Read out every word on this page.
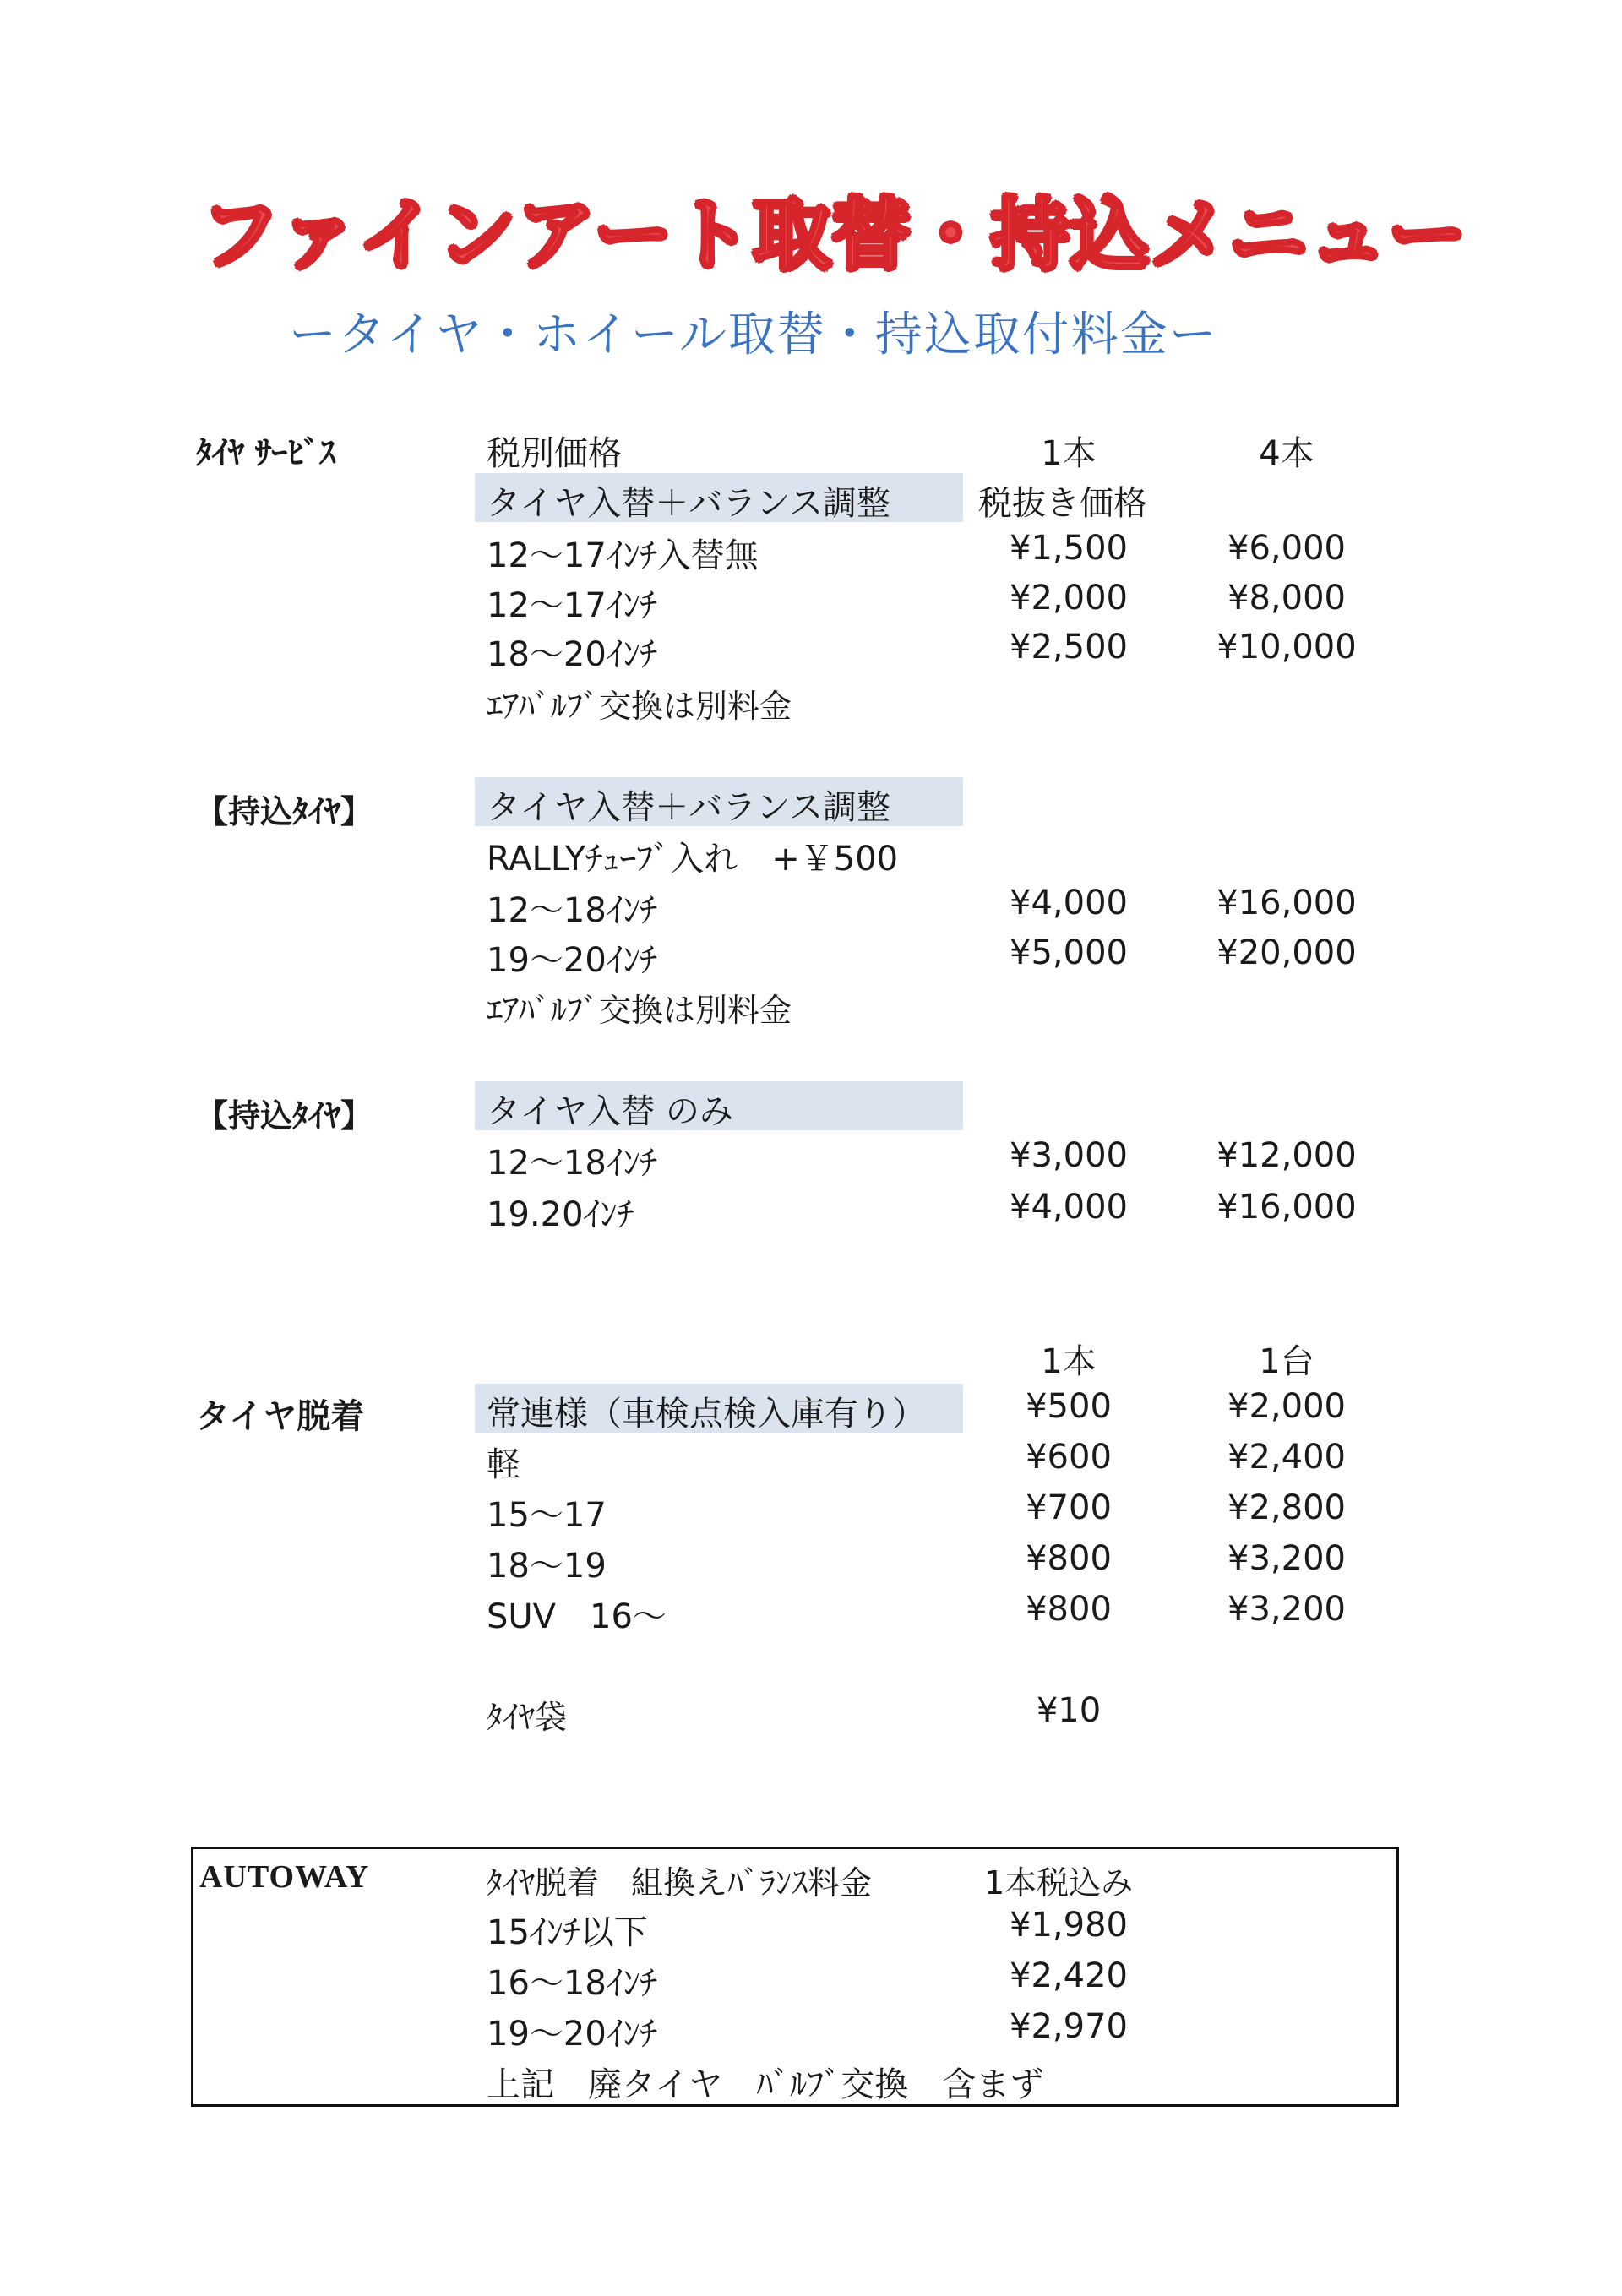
ファインアート取替・持込メニュー
ータイヤ・ホイール取替・持込取付料金ー
ﾀｲﾔ ｻｰﾋﾞｽ	税別価格	1本	4本
タイヤ入替＋バランス調整	税抜き価格
12～17ｲﾝﾁ入替無	¥1,500	¥6,000
12～17ｲﾝﾁ	¥2,000	¥8,000
18～20ｲﾝﾁ	¥2,500	¥10,000
ｴｱﾊﾞﾙﾌﾞ交換は別料金
【持込ﾀｲﾔ】	タイヤ入替＋バランス調整
RALLYﾁｭｰﾌﾞ入れ　+￥500
12～18ｲﾝﾁ	¥4,000	¥16,000
19～20ｲﾝﾁ	¥5,000	¥20,000
ｴｱﾊﾞﾙﾌﾞ交換は別料金
【持込ﾀｲﾔ】	タイヤ入替 のみ
12～18ｲﾝﾁ	¥3,000	¥12,000
19.20ｲﾝﾁ	¥4,000	¥16,000
1本	1台
タイヤ脱着	常連様（車検点検入庫有り）	¥500	¥2,000
軽	¥600	¥2,400
15～17	¥700	¥2,800
18～19	¥800	¥3,200
SUV　16～	¥800	¥3,200
ﾀｲﾔ袋	¥10
AUTOWAY	ﾀｲﾔ脱着　組換えﾊﾞﾗﾝｽ料金	1本税込み
15ｲﾝﾁ以下	¥1,980
16～18ｲﾝﾁ	¥2,420
19～20ｲﾝﾁ	¥2,970
上記　廃タイヤ　ﾊﾞﾙﾌﾞ交換　含まず
